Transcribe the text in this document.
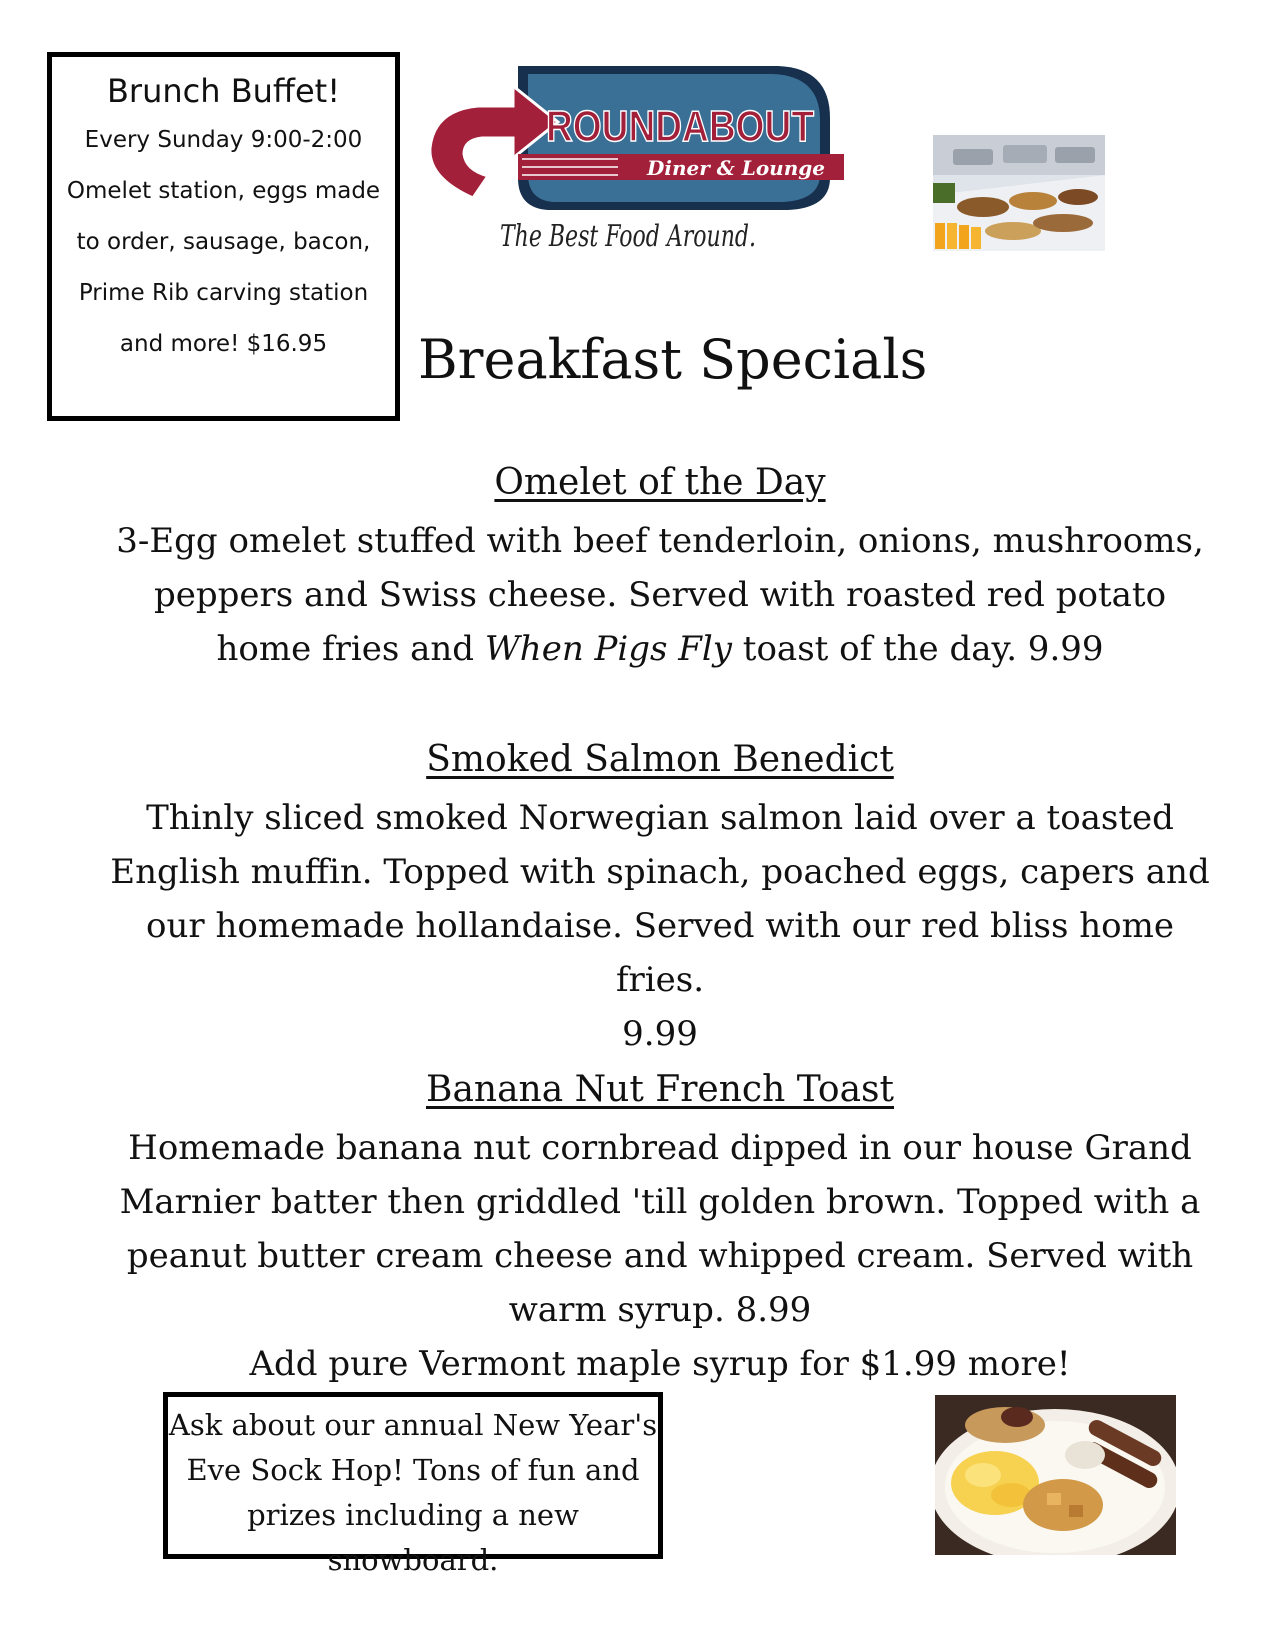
Brunch Buffet!
Every Sunday 9:00-2:00
Omelet station, eggs made
to order, sausage, bacon,
Prime Rib carving station
and more! $16.95
ROUNDABOUT
Diner & Lounge
The Best Food Around.
Breakfast Specials
Omelet of the Day
3-Egg omelet stuffed with beef tenderloin, onions, mushrooms, peppers and Swiss cheese. Served with roasted red potato home fries and When Pigs Fly toast of the day. 9.99
Smoked Salmon Benedict
Thinly sliced smoked Norwegian salmon laid over a toasted English muffin. Topped with spinach, poached eggs, capers and our homemade hollandaise. Served with our red bliss home fries.
9.99
Banana Nut French Toast
Homemade banana nut cornbread dipped in our house Grand Marnier batter then griddled 'till golden brown. Topped with a peanut butter cream cheese and whipped cream. Served with warm syrup. 8.99
Add pure Vermont maple syrup for $1.99 more!
Ask about our annual New Year's
Eve Sock Hop! Tons of fun and
prizes including a new snowboard.
